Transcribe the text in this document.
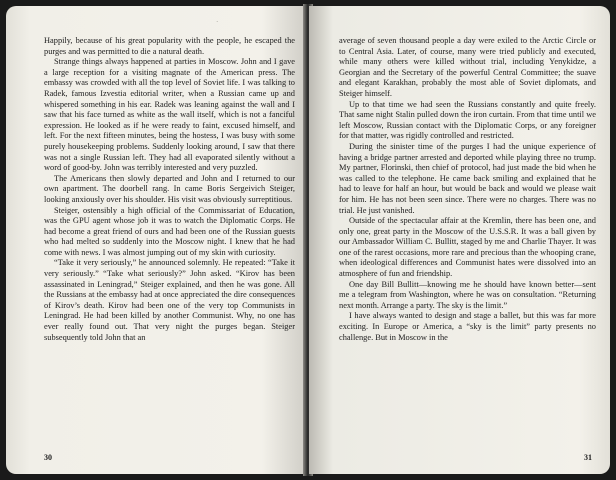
·

Happily, because of his great popularity with the people, he escaped the purges and was permitted to die a natural death.

Strange things always happened at parties in Moscow. John and I gave a large reception for a visiting magnate of the American press. The embassy was crowded with all the top level of Soviet life. I was talking to Radek, famous Izvestia editorial writer, when a Russian came up and whispered something in his ear. Radek was leaning against the wall and I saw that his face turned as white as the wall itself, which is not a fanciful expression. He looked as if he were ready to faint, excused himself, and left. For the next fifteen minutes, being the hostess, I was busy with some purely housekeeping problems. Suddenly looking around, I saw that there was not a single Russian left. They had all evaporated silently without a word of good-by. John was terribly interested and very puzzled.

The Americans then slowly departed and John and I returned to our own apartment. The doorbell rang. In came Boris Sergeivich Steiger, looking anxiously over his shoulder. His visit was obviously surreptitious.

Steiger, ostensibly a high official of the Commissariat of Education, was the GPU agent whose job it was to watch the Diplomatic Corps. He had become a great friend of ours and had been one of the Russian guests who had melted so suddenly into the Moscow night. I knew that he had come with news. I was almost jumping out of my skin with curiosity.

“Take it very seriously,” he announced solemnly. He repeated: “Take it very seriously.” “Take what seriously?” John asked. “Kirov has been assassinated in Leningrad,” Steiger explained, and then he was gone. All the Russians at the embassy had at once appreciated the dire consequences of Kirov’s death. Kirov had been one of the very top Communists in Leningrad. He had been killed by another Communist. Why, no one has ever really found out. That very night the purges began. Steiger subsequently told John that an

30

average of seven thousand people a day were exiled to the Arctic Circle or to Central Asia. Later, of course, many were tried publicly and executed, while many others were killed without trial, including Yenykidze, a Georgian and the Secretary of the powerful Central Committee; the suave and elegant Karakhan, probably the most able of Soviet diplomats, and Steiger himself.

Up to that time we had seen the Russians constantly and quite freely. That same night Stalin pulled down the iron curtain. From that time until we left Moscow, Russian contact with the Diplomatic Corps, or any foreigner for that matter, was rigidly controlled and restricted.

During the sinister time of the purges I had the unique experience of having a bridge partner arrested and deported while playing three no trump. My partner, Florinski, then chief of protocol, had just made the bid when he was called to the telephone. He came back smiling and explained that he had to leave for half an hour, but would be back and would we please wait for him. He has not been seen since. There were no charges. There was no trial. He just vanished.

Outside of the spectacular affair at the Kremlin, there has been one, and only one, great party in the Moscow of the U.S.S.R. It was a ball given by our Ambassador William C. Bullitt, staged by me and Charlie Thayer. It was one of the rarest occasions, more rare and precious than the whooping crane, when ideological differences and Communist hates were dissolved into an atmosphere of fun and friendship.

One day Bill Bullitt—knowing me he should have known better—sent me a telegram from Washington, where he was on consultation. “Returning next month. Arrange a party. The sky is the limit.”

I have always wanted to design and stage a ballet, but this was far more exciting. In Europe or America, a “sky is the limit” party presents no challenge. But in Moscow in the

31
